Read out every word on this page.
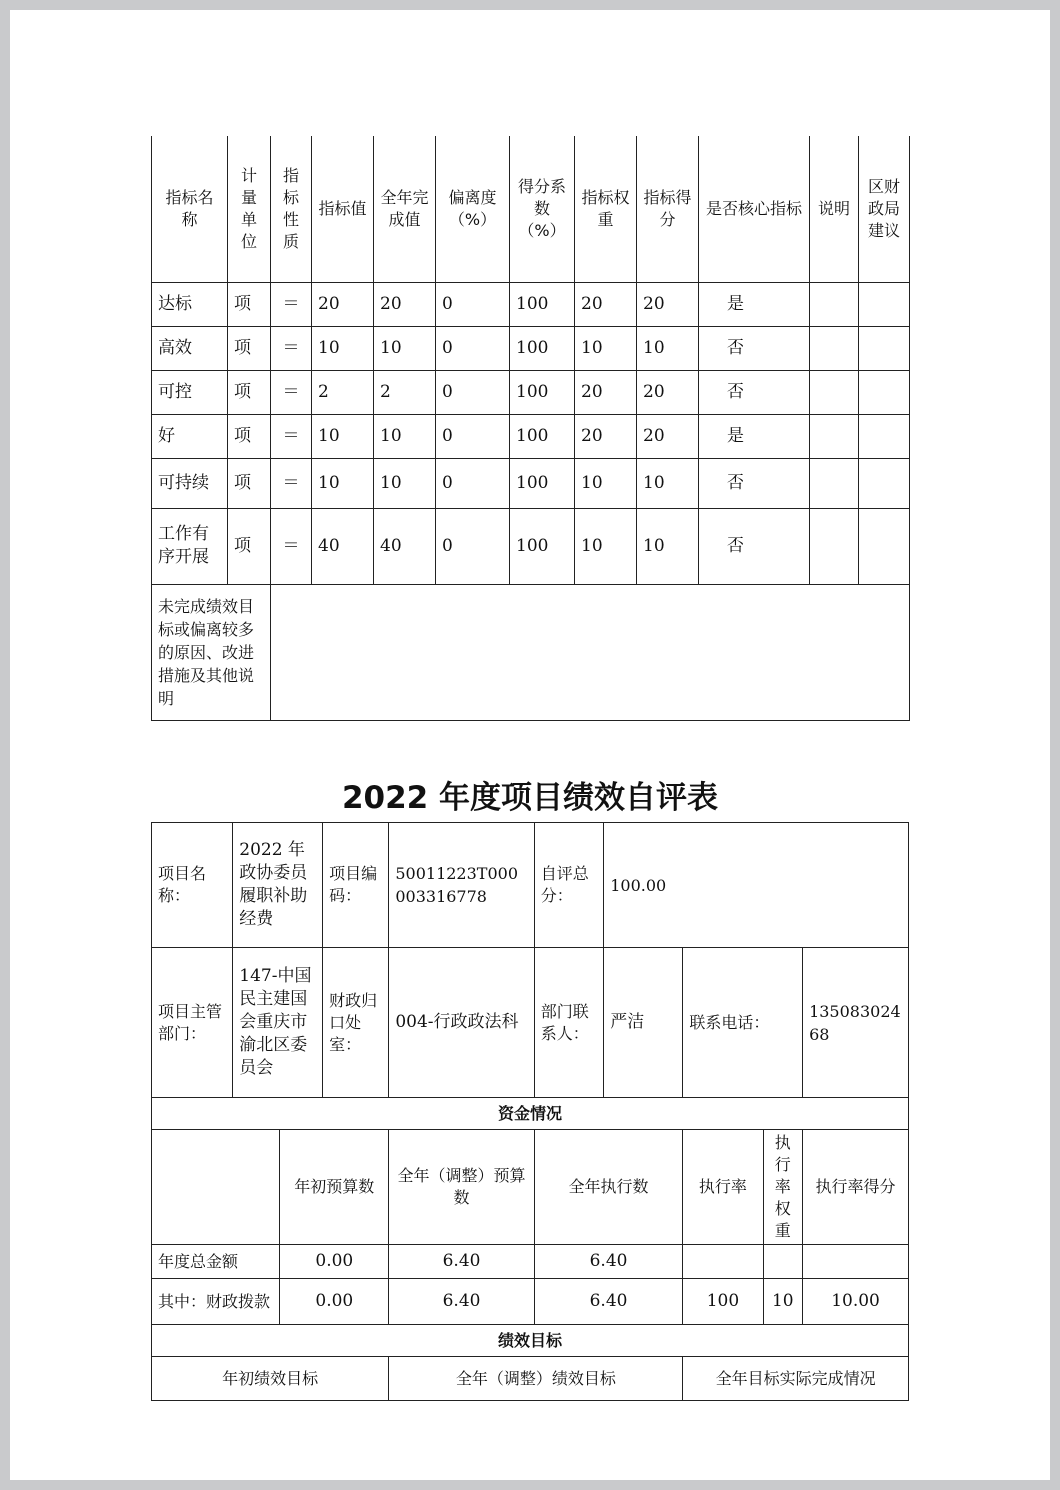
指标名称	计量单位	指标性质	指标值	全年完成值	偏离度（%）	得分系数（%）	指标权重	指标得分	是否核心指标	说明	区财政局建议
达标	项	＝	20	20	0	100	20	20	是		
高效	项	＝	10	10	0	100	10	10	否		
可控	项	＝	2	2	0	100	20	20	否		
好	项	＝	10	10	0	100	20	20	是		
可持续	项	＝	10	10	0	100	10	10	否		
工作有序开展	项	＝	40	40	0	100	10	10	否		
未完成绩效目标或偏离较多的原因、改进措施及其他说明											
2022 年度项目绩效自评表
项目名称：	2022 年政协委员履职补助经费		项目编码：	50011223T000003316778	自评总分：	100.00			
项目主管部门：	147-中国民主建国会重庆市渝北区委员会		财政归口处室：	004-行政政法科	部门联系人：	严洁	联系电话：		13508302468
资金情况									
		年初预算数		全年（调整）预算数	全年执行数		执行率	执行率权重	执行率得分
年度总金额		0.00		6.40	6.40				
其中：财政拨款		0.00		6.40	6.40		100	10	10.00
绩效目标									
年初绩效目标				全年（调整）绩效目标			全年目标实际完成情况		
